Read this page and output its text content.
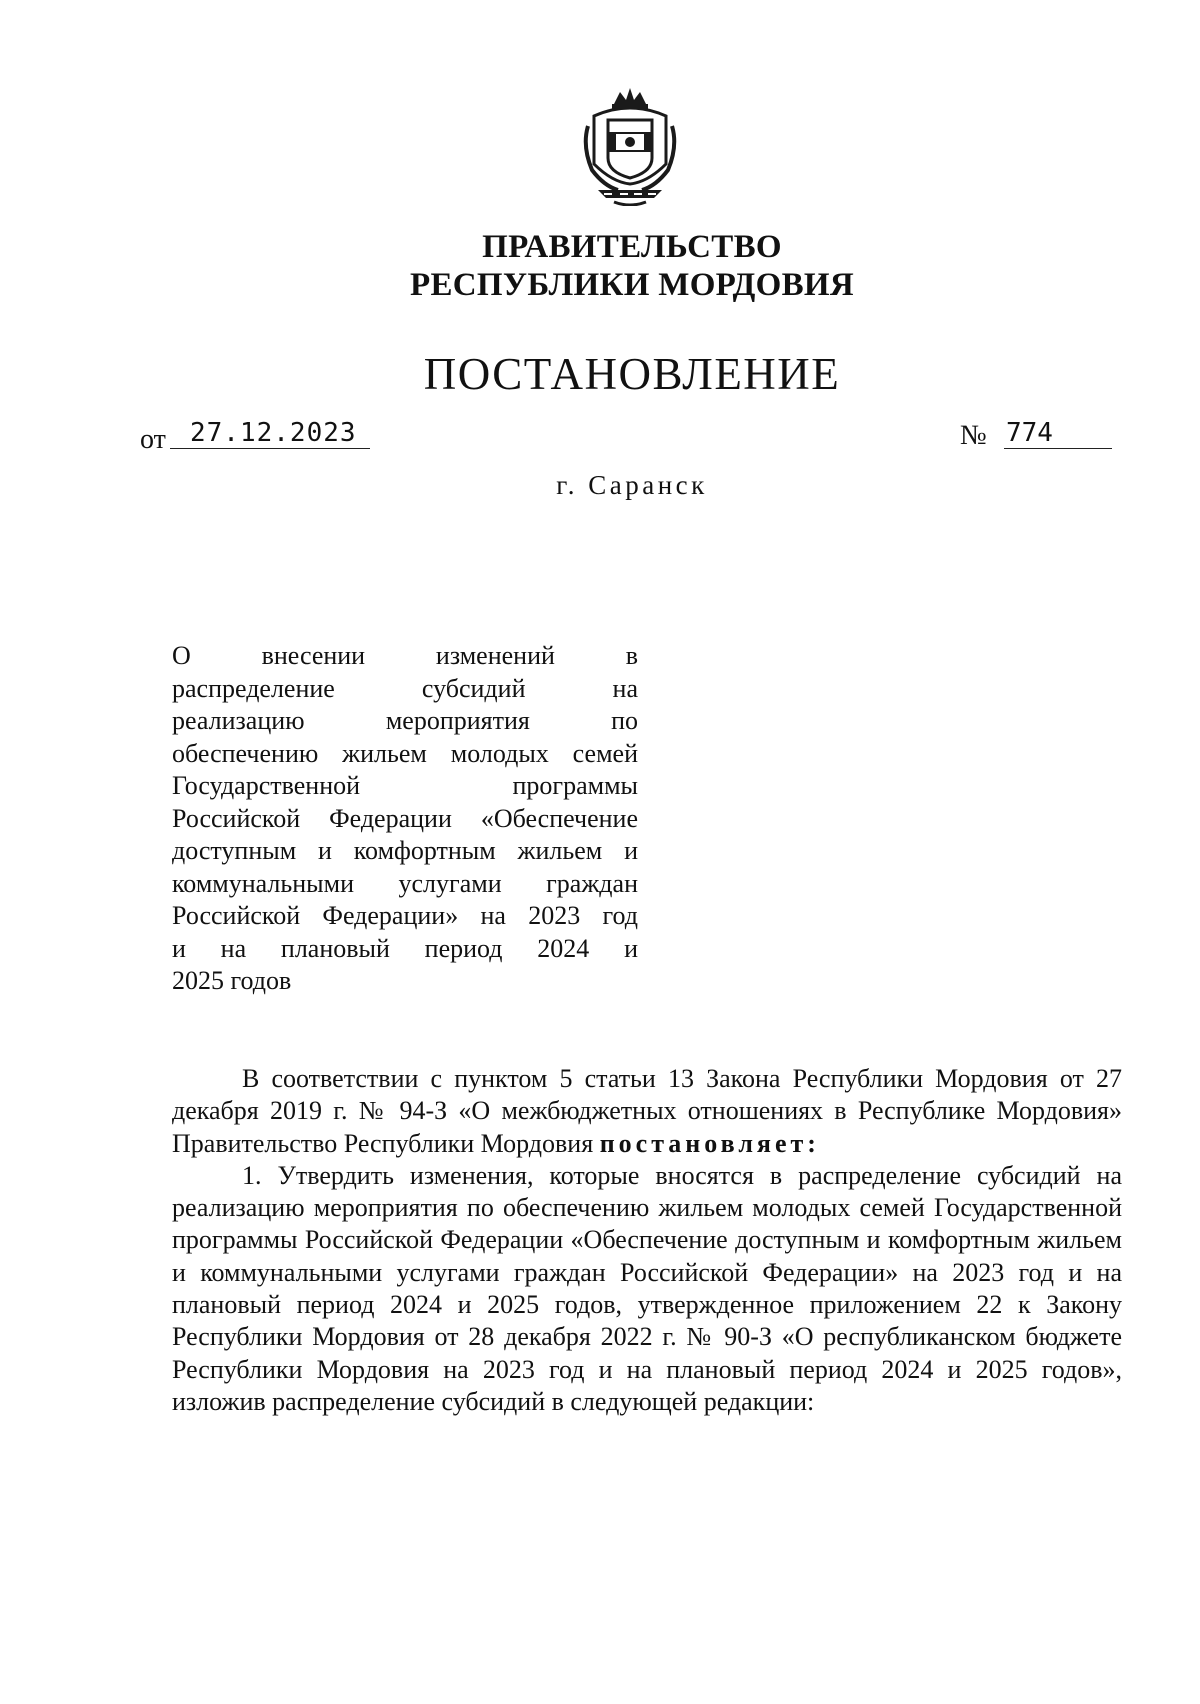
ПРАВИТЕЛЬСТВО
РЕСПУБЛИКИ МОРДОВИЯ
ПОСТАНОВЛЕНИЕ
от 27.12.2023	№ 774
г. Саранск

О внесении изменений в

распределение субсидий на

реализацию мероприятия по

обеспечению жильем молодых семей

Государственной программы

Российской Федерации «Обеспечение

доступным и комфортным жильем и

коммунальными услугами граждан

Российской Федерации» на 2023 год

и на плановый период 2024 и

2025 годов

В соответствии с пунктом 5 статьи 13 Закона Республики Мордовия от 27 декабря 2019 г. № 94-З «О межбюджетных отношениях в Республике Мордовия» Правительство Республики Мордовия постановляет:

1. Утвердить изменения, которые вносятся в распределение субсидий на реализацию мероприятия по обеспечению жильем молодых семей Государственной программы Российской Федерации «Обеспечение доступным и комфортным жильем и коммунальными услугами граждан Российской Федерации» на 2023 год и на плановый период 2024 и 2025 годов, утвержденное приложением 22 к Закону Республики Мордовия от 28 декабря 2022 г. № 90-З «О республиканском бюджете Республики Мордовия на 2023 год и на плановый период 2024 и 2025 годов», изложив распределение субсидий в следующей редакции:
